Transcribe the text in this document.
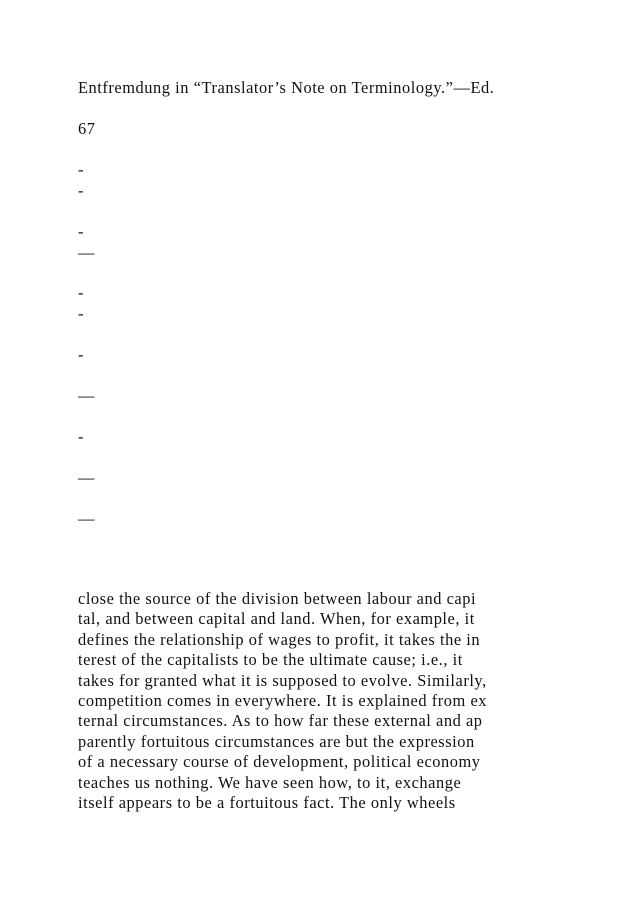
Entfremdung in “Translator’s Note on Terminology.”—Ed.

67

-

-

-

—

-

-

-

—

-

—

—

close the source of the division between labour and capi
tal, and between capital and land. When, for example, it
defines the relationship of wages to profit, it takes the in
terest of the capitalists to be the ultimate cause; i.e., it
takes for granted what it is supposed to evolve. Similarly,
competition comes in everywhere. It is explained from ex
ternal circumstances. As to how far these external and ap
parently fortuitous circumstances are but the expression
of a necessary course of development, political economy
teaches us nothing. We have seen how, to it, exchange
itself appears to be a fortuitous fact. The only wheels
